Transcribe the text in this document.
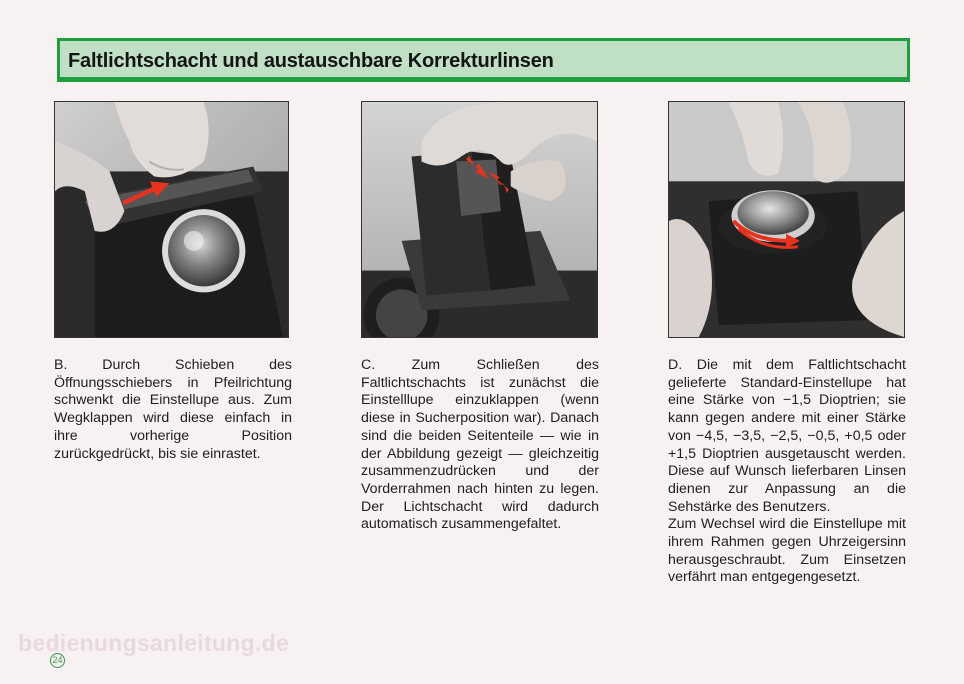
Faltlichtschacht und austauschbare Korrekturlinsen

B. Durch Schieben des Öffnungsschiebers in Pfeilrichtung schwenkt die Einstellupe aus. Zum Wegklappen wird diese einfach in ihre vorherige Position zurückgedrückt, bis sie einrastet.

C. Zum Schließen des Faltlichtschachts ist zunächst die Einstelllupe einzuklappen (wenn diese in Sucherposition war). Danach sind die beiden Seitenteile — wie in der Abbildung gezeigt — gleichzeitig zusammenzudrücken und der Vorderrahmen nach hinten zu legen. Der Lichtschacht wird dadurch automatisch zusammengefaltet.

D. Die mit dem Faltlichtschacht gelieferte Standard-Einstellupe hat eine Stärke von −1,5 Dioptrien; sie kann gegen andere mit einer Stärke von −4,5, −3,5, −2,5, −0,5, +0,5 oder +1,5 Dioptrien ausgetauscht werden. Diese auf Wunsch lieferbaren Linsen dienen zur Anpassung an die Sehstärke des Benutzers.

Zum Wechsel wird die Einstellupe mit ihrem Rahmen gegen Uhrzeigersinn herausgeschraubt. Zum Einsetzen verfährt man entgegengesetzt.

bedienungsanleitung.de
24
